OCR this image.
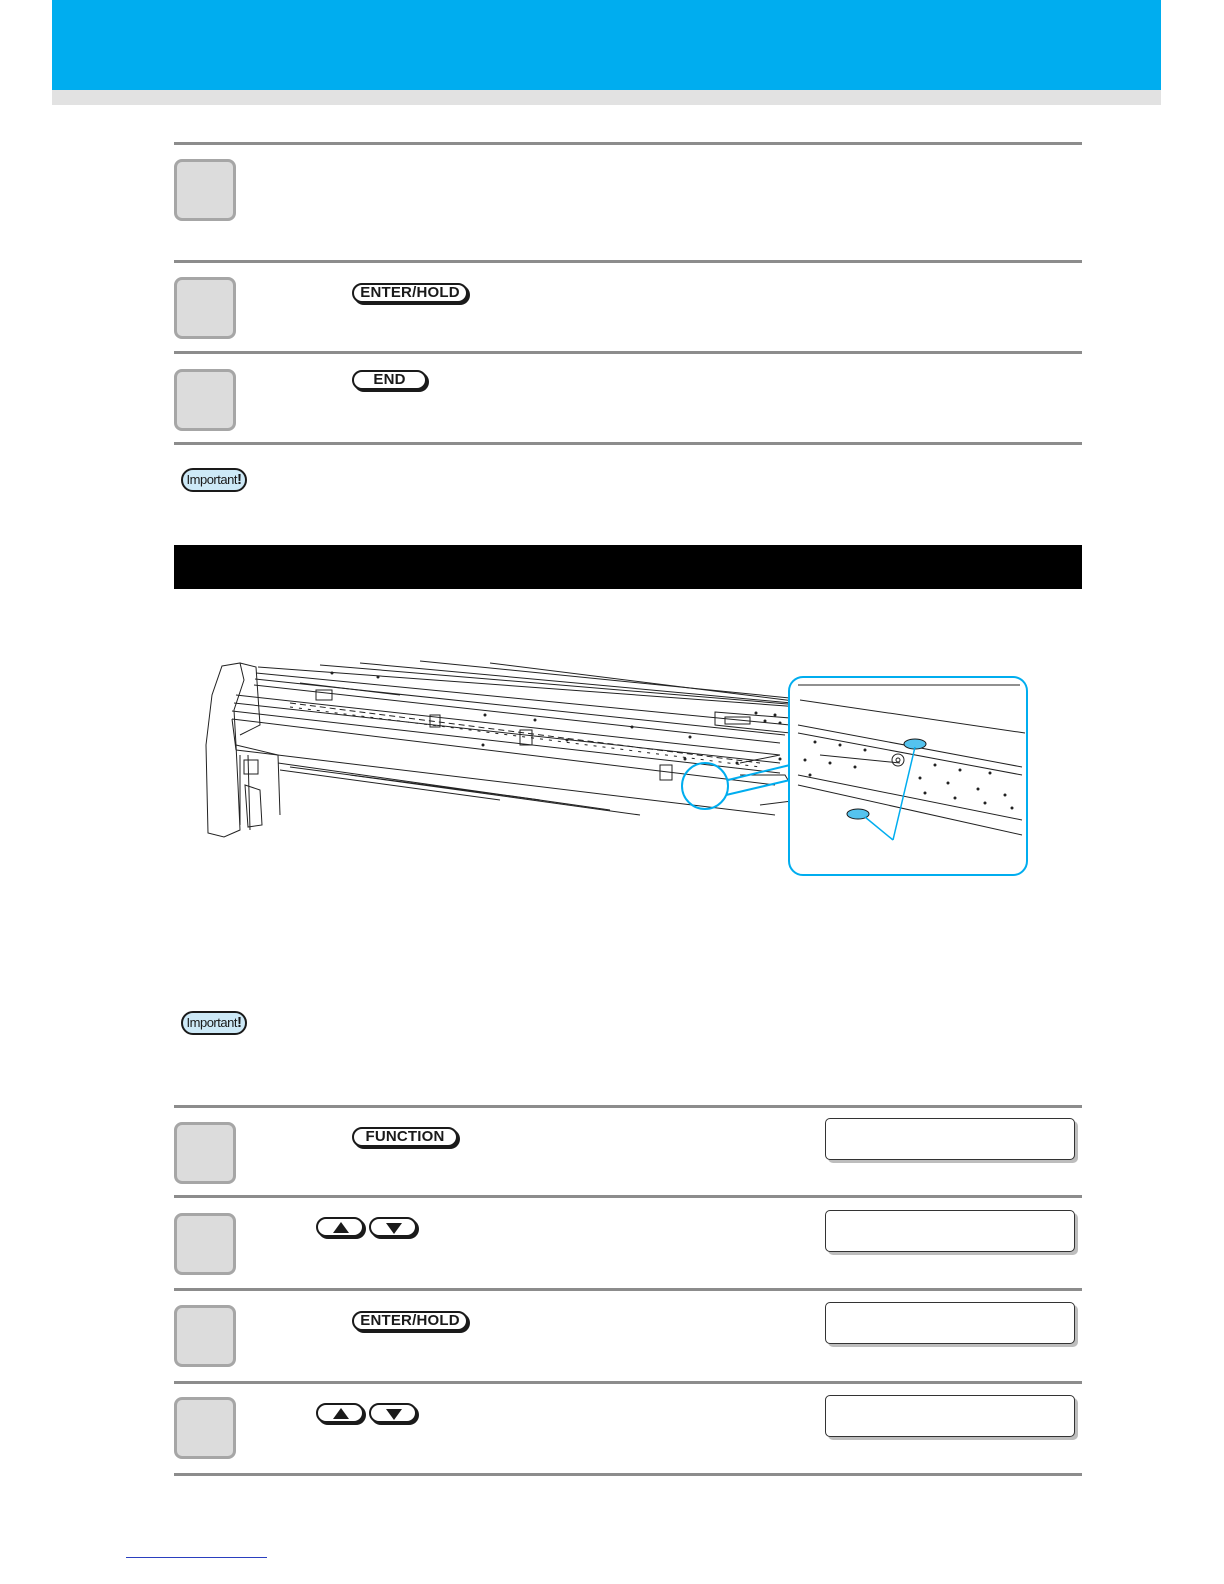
ENTER/HOLD
END
Important!
Important!
FUNCTION
ENTER/HOLD
